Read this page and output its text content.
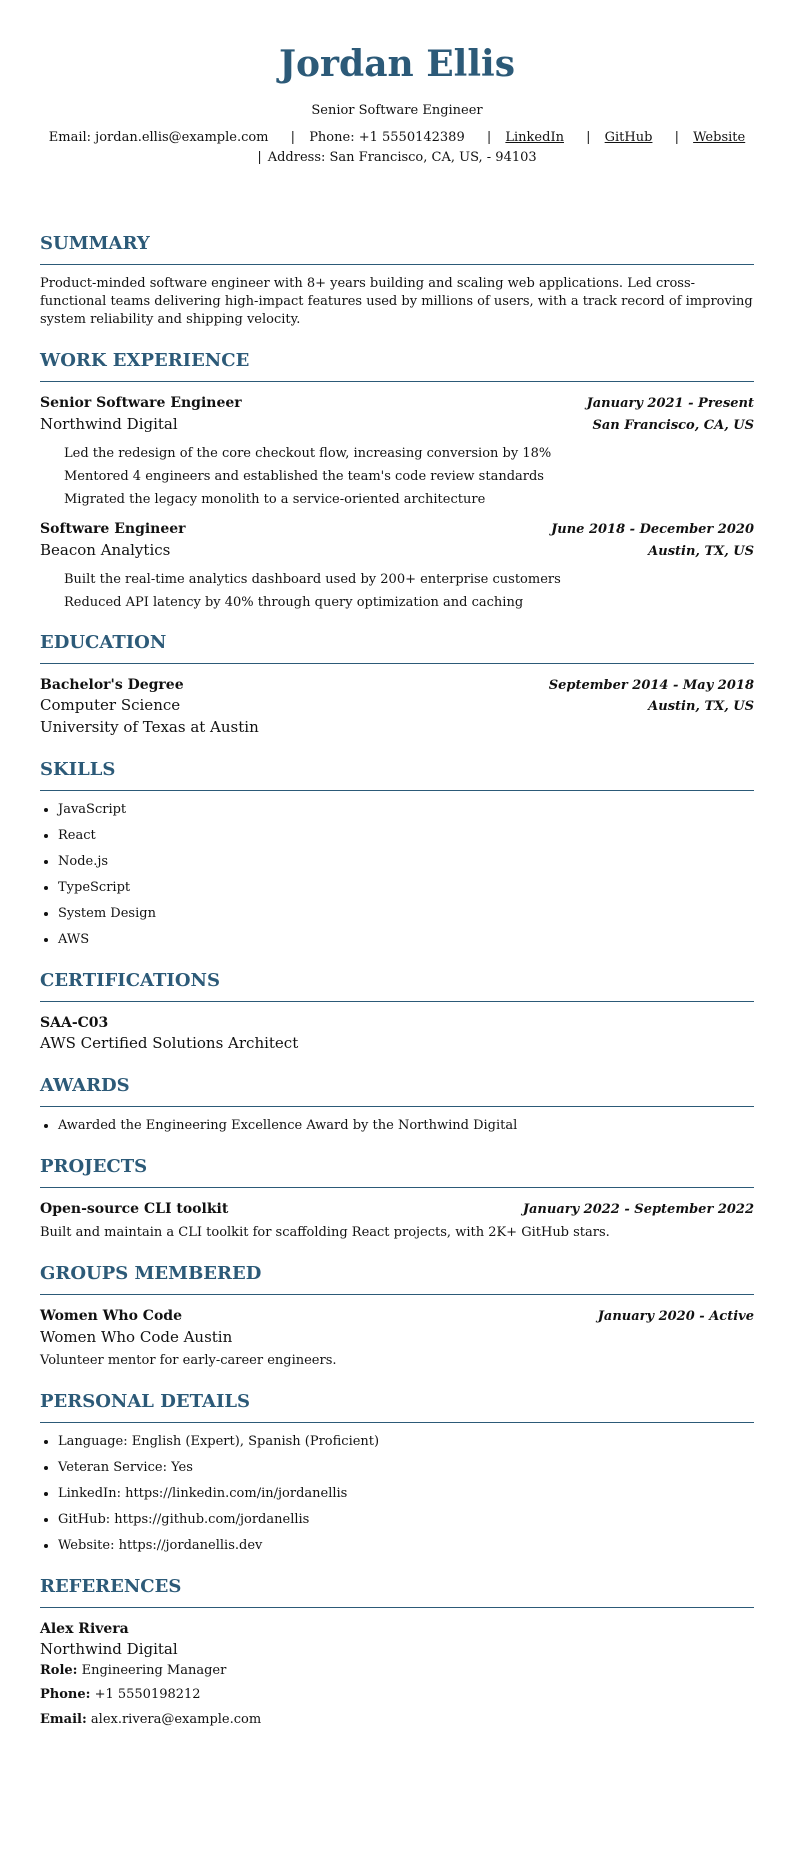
Jordan Ellis
Senior Software Engineer
Email: jordan.ellis@example.com | Phone: +1 5550142389 | LinkedIn | GitHub | Website
| Address: San Francisco, CA, US, - 94103
SUMMARY
Product-minded software engineer with 8+ years building and scaling web applications. Led cross-functional teams delivering high-impact features used by millions of users, with a track record of improving system reliability and shipping velocity.
WORK EXPERIENCE
Senior Software Engineer	January 2021 - Present
Northwind Digital	San Francisco, CA, US
Led the redesign of the core checkout flow, increasing conversion by 18%
Mentored 4 engineers and established the team's code review standards
Migrated the legacy monolith to a service-oriented architecture
Software Engineer	June 2018 - December 2020
Beacon Analytics	Austin, TX, US
Built the real-time analytics dashboard used by 200+ enterprise customers
Reduced API latency by 40% through query optimization and caching
EDUCATION
Bachelor's Degree	September 2014 - May 2018
Computer Science	Austin, TX, US
University of Texas at Austin
SKILLS
• JavaScript
• React
• Node.js
• TypeScript
• System Design
• AWS
CERTIFICATIONS
SAA-C03
AWS Certified Solutions Architect
AWARDS
• Awarded the Engineering Excellence Award by the Northwind Digital
PROJECTS
Open-source CLI toolkit	January 2022 - September 2022
Built and maintain a CLI toolkit for scaffolding React projects, with 2K+ GitHub stars.
GROUPS MEMBERED
Women Who Code	January 2020 - Active
Women Who Code Austin
Volunteer mentor for early-career engineers.
PERSONAL DETAILS
• Language: English (Expert), Spanish (Proficient)
• Veteran Service: Yes
• LinkedIn: https://linkedin.com/in/jordanellis
• GitHub: https://github.com/jordanellis
• Website: https://jordanellis.dev
REFERENCES
Alex Rivera
Northwind Digital
Role: Engineering Manager
Phone: +1 5550198212
Email: alex.rivera@example.com
